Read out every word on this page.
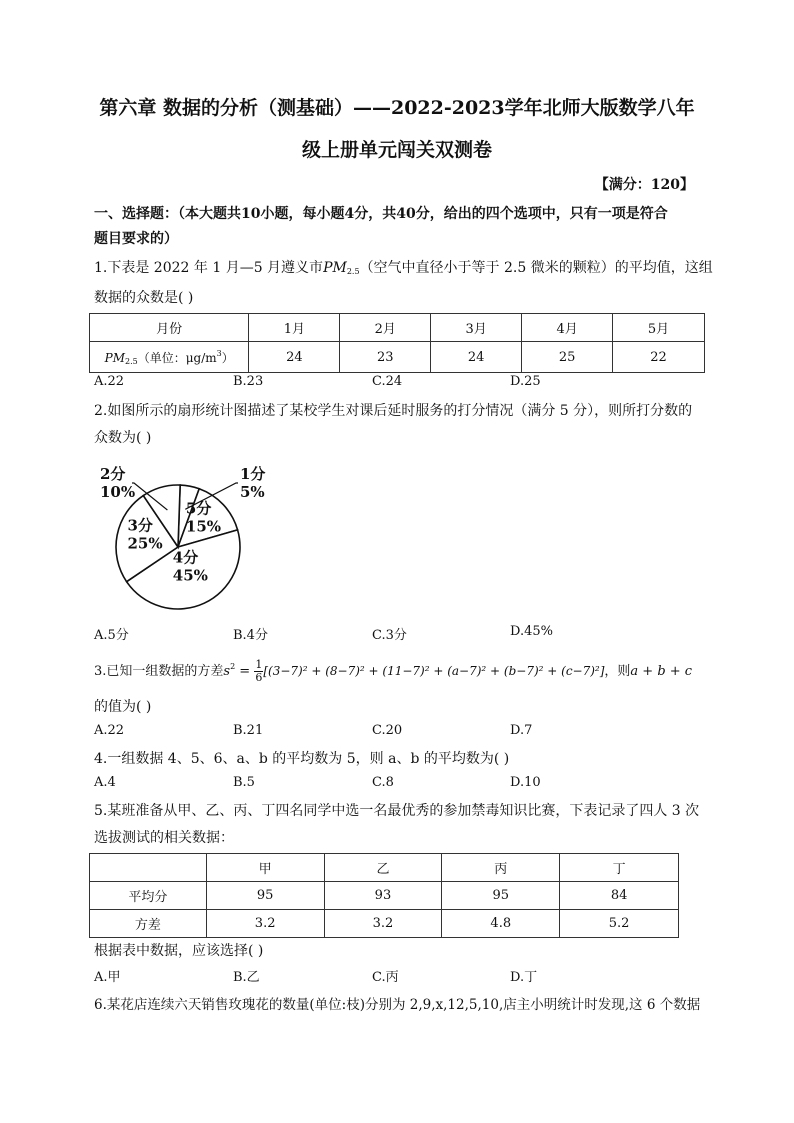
第六章 数据的分析（测基础）——2022-2023学年北师大版数学八年
级上册单元闯关双测卷
【满分：120】
一、选择题：（本大题共10小题，每小题4分，共40分，给出的四个选项中，只有一项是符合
题目要求的）
1.下表是 2022 年 1 月—5 月遵义市$PM_{2.5}$（空气中直径小于等于 2.5 微米的颗粒）的平均值，这组
数据的众数是( )
月份	1月	2月	3月	4月	5月
$PM_{2.5}$（单位：$\mu g/m^3$）	24	23	24	25	22
A.22	B.23	C.24	D.25
2.如图所示的扇形统计图描述了某校学生对课后延时服务的打分情况（满分 5 分），则所打分数的
众数为( )
1分
5%
5分
15%
4分
45%
3分
25%
2分
10%
A.5分	B.4分	C.3分	D.45%
3.已知一组数据的方差$s^2 = \frac{1}{6} [(3-7)^2 + (8-7)^2 + (11-7)^2 + (a-7)^2 + (b-7)^2 + (c-7)^2]$，则a + b + c
的值为( )
A.22	B.21	C.20	D.7
4.一组数据 4、5、6、a、b 的平均数为 5，则 a、b 的平均数为( )
A.4	B.5	C.8	D.10
5.某班准备从甲、乙、丙、丁四名同学中选一名最优秀的参加禁毒知识比赛，下表记录了四人 3 次
选拔测试的相关数据：
	甲	乙	丙	丁
平均分	95	93	95	84
方差	3.2	3.2	4.8	5.2
根据表中数据，应该选择( )
A.甲	B.乙	C.丙	D.丁
6.某花店连续六天销售玫瑰花的数量(单位:枝)分别为 2,9,x,12,5,10,店主小明统计时发现,这 6 个数据
